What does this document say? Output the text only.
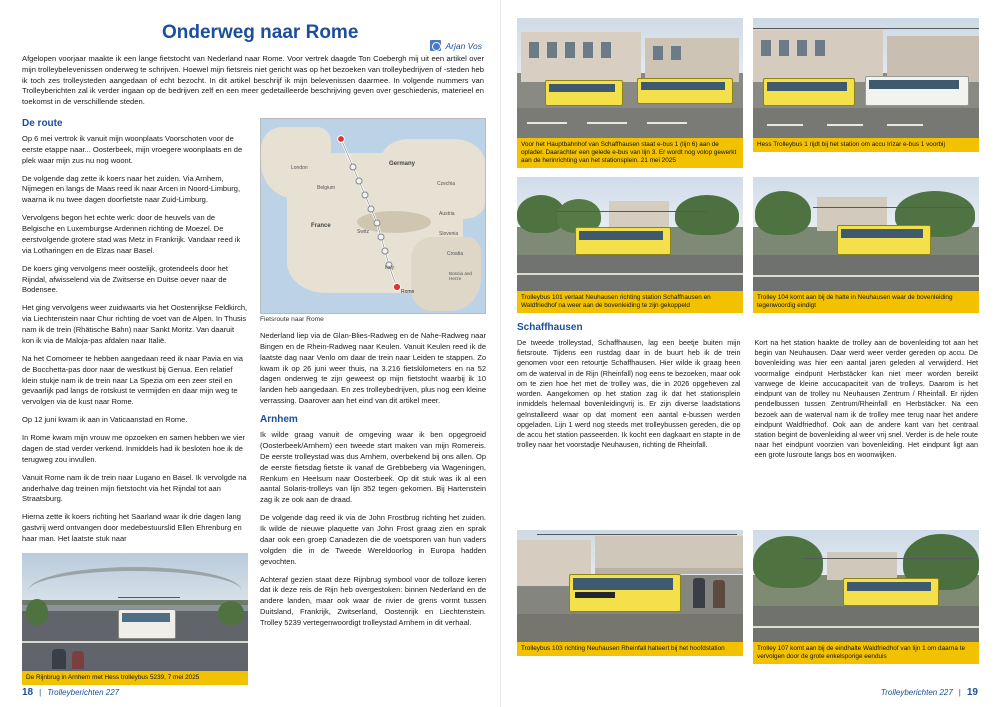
Arjan Vos
Onderweg naar Rome
Afgelopen voorjaar maakte ik een lange fietstocht van Nederland naar Rome. Voor vertrek daagde Ton Coebergh mij uit een artikel over mijn trolleybelevenissen onderweg te schrijven. Hoewel mijn fietsreis niet gericht was op het bezoeken van trolleybedrijven of -steden heb ik toch zes trolleysteden aangedaan of echt bezocht. In dit artikel beschrijf ik mijn belevenissen daarmee. In volgende nummers van Trolleyberichten zal ik verder ingaan op de bedrijven zelf en een meer gedetailleerde beschrijving geven over geschiedenis, materieel en toekomst in de verschillende steden.
De route

Op 6 mei vertrok ik vanuit mijn woonplaats Voorschoten voor de eerste etappe naar... Oosterbeek, mijn vroegere woonplaats en de plek waar mijn zus nu nog woont.

De volgende dag zette ik koers naar het zuiden. Via Arnhem, Nijmegen en langs de Maas reed ik naar Arcen in Noord-Limburg, waarna ik nu twee dagen doorfietste naar Zuid-Limburg.

Vervolgens begon het echte werk: door de heuvels van de Belgische en Luxemburgse Ardennen richting de Moezel. De eerstvolgende grotere stad was Metz in Frankrijk. Vandaar reed ik via Lotharingen en de Elzas naar Basel.

De koers ging vervolgens meer oostelijk, grotendeels door het Rijndal, afwisselend via de Zwitserse en Duitse oever naar de Bodensee.

Het ging vervolgens weer zuidwaarts via het Oostenrijkse Feldkirch, via Liechtenstein naar Chur richting de voet van de Alpen. In Thusis nam ik de trein (Rhätische Bahn) naar Sankt Moritz. Van daaruit kon ik via de Maloja-pas afdalen naar Italië.

Na het Comomeer te hebben aangedaan reed ik naar Pavia en via de Bocchetta-pas door naar de westkust bij Genua. Een relatief klein stukje nam ik de trein naar La Spezia om een zeer steil en gevaarlijk pad langs de rotskust te vermijden en daar mijn weg te vervolgen via de kust naar Rome.

Op 12 juni kwam ik aan in Vaticaanstad en Rome.

In Rome kwam mijn vrouw me opzoeken en samen hebben we vier dagen de stad verder verkend. Inmiddels had ik besloten hoe ik de terugweg zou invullen.

Vanuit Rome nam ik de trein naar Lugano en Basel. Ik vervolgde na anderhalve dag treinen mijn fietstocht via het Rijndal tot aan Straatsburg.

Hierna zette ik koers richting het Saarland waar ik drie dagen lang gastvrij werd ontvangen door medebestuurslid Ellen Ehrenburg en haar man. Het laatste stuk naar

De Rijnbrug in Arnhem met Hess trolleybus 5239, 7 mei 2025
London
Germany
Belgium
Czechia
France
Austria
Switz	Slovenia
Croatia
Bosnia and Herze
Italy
Rome
Fietsroute naar Rome

Nederland liep via de Glan-Blies-Radweg en de Nahe-Radweg naar Bingen en de Rhein-Radweg naar Keulen. Vanuit Keulen reed ik de laatste dag naar Venlo om daar de trein naar Leiden te stappen. Zo kwam ik op 26 juni weer thuis, na 3.216 fietskilometers en na 52 dagen onderweg te zijn geweest op mijn fietstocht waarbij ik 10 landen heb aangedaan. En zes trolleybedrijven, plus nog een kleine verrassing. Daarover aan het eind van dit artikel meer.

Arnhem

Ik wilde graag vanuit de omgeving waar ik ben opgegroeid (Oosterbeek/Arnhem) een tweede start maken van mijn Romereis. De eerste trolleystad was dus Arnhem, overbekend bij ons allen. Op de eerste fietsdag fietste ik vanaf de Grebbeberg via Wageningen, Renkum en Heelsum naar Oosterbeek. Op dit stuk was ik al een aantal Solaris-trolleys van lijn 352 tegen gekomen. Bij Hartenstein zag ik ze ook aan de draad.

De volgende dag reed ik via de John Frostbrug richting het zuiden. Ik wilde de nieuwe plaquette van John Frost graag zien en sprak daar ook een groep Canadezen die de voetsporen van hun vaders volgden die in de Tweede Wereldoorlog in Europa hadden gevochten.

Achteraf gezien staat deze Rijnbrug symbool voor de tolloze keren dat ik deze reis de Rijn heb overgestoken: binnen Nederland en de andere landen, maar ook waar de rivier de grens vormt tussen Duitsland, Frankrijk, Zwitserland, Oostenrijk en Liechtenstein. Trolley 5239 vertegenwoordigt trolleystad Arnhem in dit verhaal.

18 | Trolleyberichten 227
Voor het Hauptbahnhof van Schaffhausen staat e-bus 1 (lijn 6) aan de oplader. Daarachter een gelede e-bus van lijn 3. Er wordt nog volop gewerkt aan de herinrichting van het stationsplein. 21 mei 2025
Hess Trolleybus 1 rijdt bij het station om accu Irizar e-bus 1 voorbij
Trolleybus 101 verlaat Neuhausen richting station Schaffhausen en Waldfriedhof na weer aan de bovenleiding te zijn gekoppeld
Trolley 104 komt aan bij de halte in Neuhausen waar de bovenleiding tegenwoordig eindigt
Schaffhausen

De tweede trolleystad, Schaffhausen, lag een beetje buiten mijn fietsroute. Tijdens een rustdag daar in de buurt heb ik de trein genomen voor een retourtje Schaffhausen. Hier wilde ik graag heen om de waterval in de Rijn (Rheinfall) nog eens te bezoeken, maar ook om te zien hoe het met de trolley was, die in 2026 opgeheven zal worden. Aangekomen op het station zag ik dat het stationsplein inmiddels helemaal bovenleidingvrij is. Er zijn diverse laadstations geïnstalleerd waar op dat moment een aantal e-bussen werden opgeladen. Lijn 1 werd nog steeds met trolleybussen gereden, die op de accu het station passeerden. Ik kocht een dagkaart en stapte in de trolley naar het voorstadje Neuhausen, richting de Rheinfall.

Kort na het station haakte de trolley aan de bovenleiding tot aan het begin van Neuhausen. Daar werd weer verder gereden op accu. De bovenleiding was hier een aantal jaren geleden al verwijderd. Het voormalige eindpunt Herbstäcker kan niet meer worden bereikt vanwege de kleine accucapaciteit van de trolleys. Daarom is het eindpunt van de trolley nu Neuhausen Zentrum / Rheinfall. Er rijden pendelbussen tussen Zentrum/Rheinfall en Herbstäcker. Na een bezoek aan de waterval nam ik de trolley mee terug naar het andere eindpunt Waldfriedhof. Ook aan de andere kant van het centraal station begint de bovenleiding al weer vrij snel. Verder is de hele route naar het eindpunt voorzien van bovenleiding. Het eindpunt ligt aan een grote lusroute langs bos en woonwijken.

Trolleybus 103 richting Neuhausen Rheinfall halteert bij het hoofdstation	Trolley 107 komt aan bij de eindhalte Waldfriedhof van lijn 1 om daarna te vervolgen door de grote enkelsporige eenduis
Trolleyberichten 227 | 19
